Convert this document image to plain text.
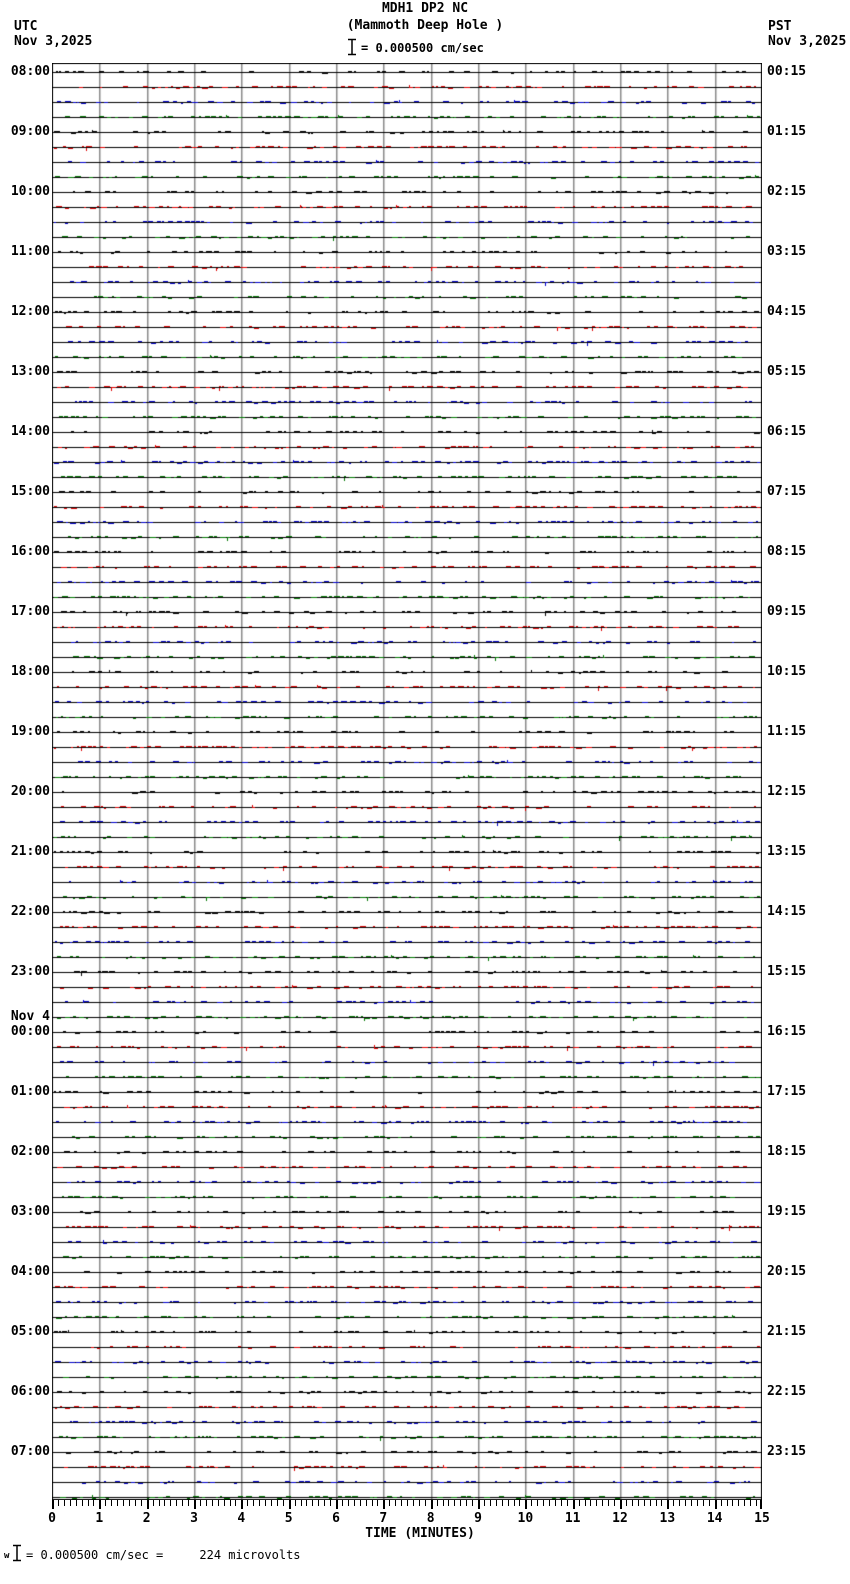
MDH1 DP2 NC
(Mammoth Deep Hole )
UTC
Nov 3,2025
PST
Nov 3,2025
= 0.000500 cm/sec
08:00
09:00
10:00
11:00
12:00
13:00
14:00
15:00
16:00
17:00
18:00
19:00
20:00
21:00
22:00
23:00
Nov 4
00:00
01:00
02:00
03:00
04:00
05:00
06:00
07:00
00:15
01:15
02:15
03:15
04:15
05:15
06:15
07:15
08:15
09:15
10:15
11:15
12:15
13:15
14:15
15:15
16:15
17:15
18:15
19:15
20:15
21:15
22:15
23:15
0	1	2	3	4	5	6	7	8	9	10	11	12	13	14	15
TIME (MINUTES)
w = 0.000500 cm/sec =     224 microvolts
